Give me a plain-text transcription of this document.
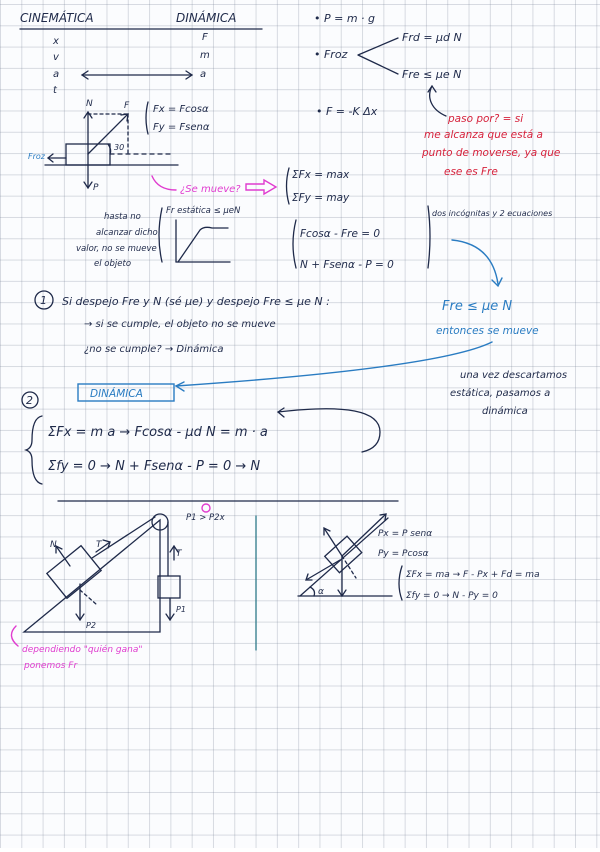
CINEMÁTICA	DINÁMICA
x
v
a
t
F
m
a
• P = m · g
• Froz
Frd = μd N
Fre ≤ μe N
• F = -K Δx
paso por? = si
me alcanza que está a
punto de moverse, ya que
ese es Fre
N	F
P
30
Froz
Fx = Fcosα
Fy = Fsenα
¿Se mueve?
ΣFx = max
ΣFy = may
Fcosα - Fre = 0
N + Fsenα - P = 0
dos incógnitas y 2 ecuaciones
hasta no
alcanzar dicho
valor, no se mueve
el objeto
Fr estática ≤ μeN
1 Si despejo Fre y N (sé μe) y despejo Fre ≤ μe N :
→ si se cumple, el objeto no se mueve
¿no se cumple? → Dinámica
Fre ≤ μe N
entonces se mueve
una vez descartamos
estática, pasamos a
dinámica
DINÁMICA
2
ΣFx = m a → Fcosα - μd N = m · a
Σfy = 0 → N + Fsenα - P = 0 → N
T
N
T
P2
P1
P1 > P2x
dependiendo "quién gana"
ponemos Fr
α
Px = P senα
Py = Pcosα
ΣFx = ma → F - Px + Fd = ma
Σfy = 0 → N - Py = 0
